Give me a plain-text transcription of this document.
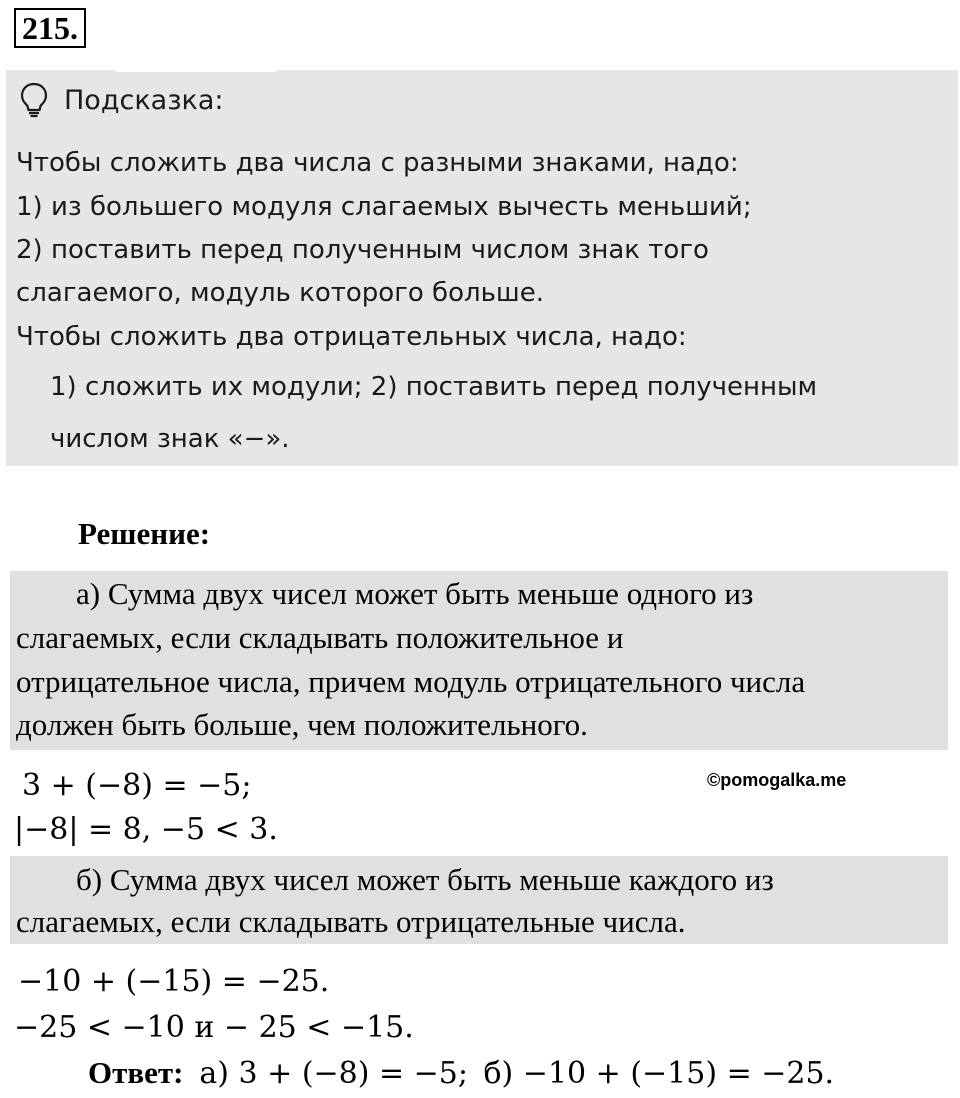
215.
Подсказка:
Чтобы сложить два числа с разными знаками, надо:
1) из большего модуля слагаемых вычесть меньший;
2) поставить перед полученным числом знак того
слагаемого, модуль которого больше.
Чтобы сложить два отрицательных числа, надо:
1) сложить их модули; 2) поставить перед полученным
числом знак «−».
Решение:
а) Сумма двух чисел может быть меньше одного из
слагаемых, если складывать положительное и
отрицательное числа, причем модуль отрицательного числа
должен быть больше, чем положительного.
3 + (−8) = −5;	©pomogalka.me
|−8| = 8, −5 < 3.
б) Сумма двух чисел может быть меньше каждого из
слагаемых, если складывать отрицательные числа.
−10 + (−15) = −25.
−25 < −10 и − 25 < −15.
Ответ: а) 3 + (−8) = −5; б) −10 + (−15) = −25.
